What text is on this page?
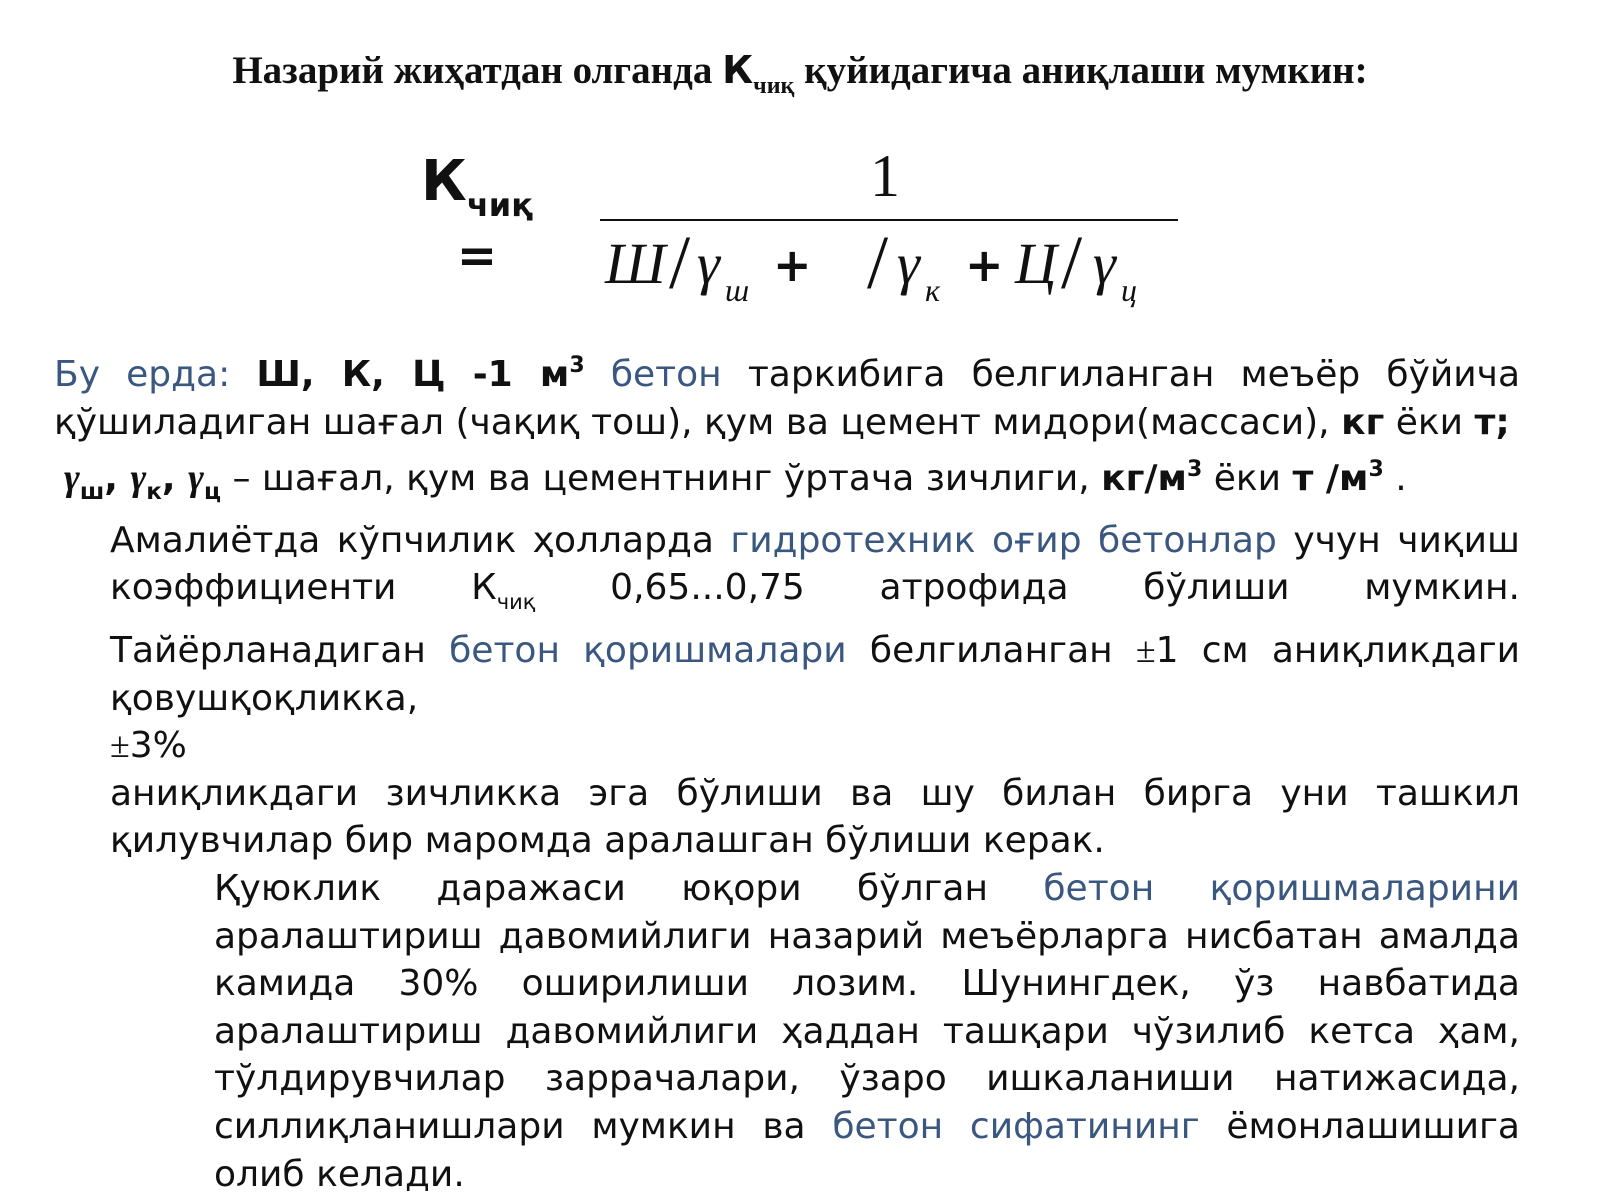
Назарий жиҳатдан олганда $К_{чиқ}$ қуйидагича аниқлаши мумкин:
Кчиқ
=
1
Ш / γ ш + / γ к + Ц / γ ц

Бу ерда: Ш, К, Ц -1 $м^3$ бетон таркибига белгиланган меъёр бўйича қўшиладиган шағал (чақиқ тош), қум ва цемент мидори(массаси), кг ёки т;

$\gamma_ш$, $\gamma_к$, $\gamma_ц$ – шағал, қум ва цементнинг ўртача зичлиги, $кг/м^3$ ёки т $/м^3$ .

Амалиётда кўпчилик ҳолларда гидротехник оғир бетонлар учун чиқиш коэффициенти $К_{чиқ}$ 0,65...0,75 атрофида бўлиши мумкин. Тайёрланадиган бетон қоришмалари белгиланган ±1 см аниқликдаги қовушқоқликка,
±3%
аниқликдаги зичликка эга бўлиши ва шу билан бирга уни ташкил қилувчилар бир маромда аралашган бўлиши керак.

Қуюклик даражаси юқори бўлган бетон қоришмаларини аралаштириш давомийлиги назарий меъёрларга нисбатан амалда камида 30% оширилиши лозим. Шунингдек, ўз навбатида аралаштириш давомийлиги ҳаддан ташқари чўзилиб кетса ҳам, тўлдирувчилар заррачалари, ўзаро ишкаланиши натижасида, силлиқланишлари мумкин ва бетон сифатининг ёмонлашишига олиб келади.
